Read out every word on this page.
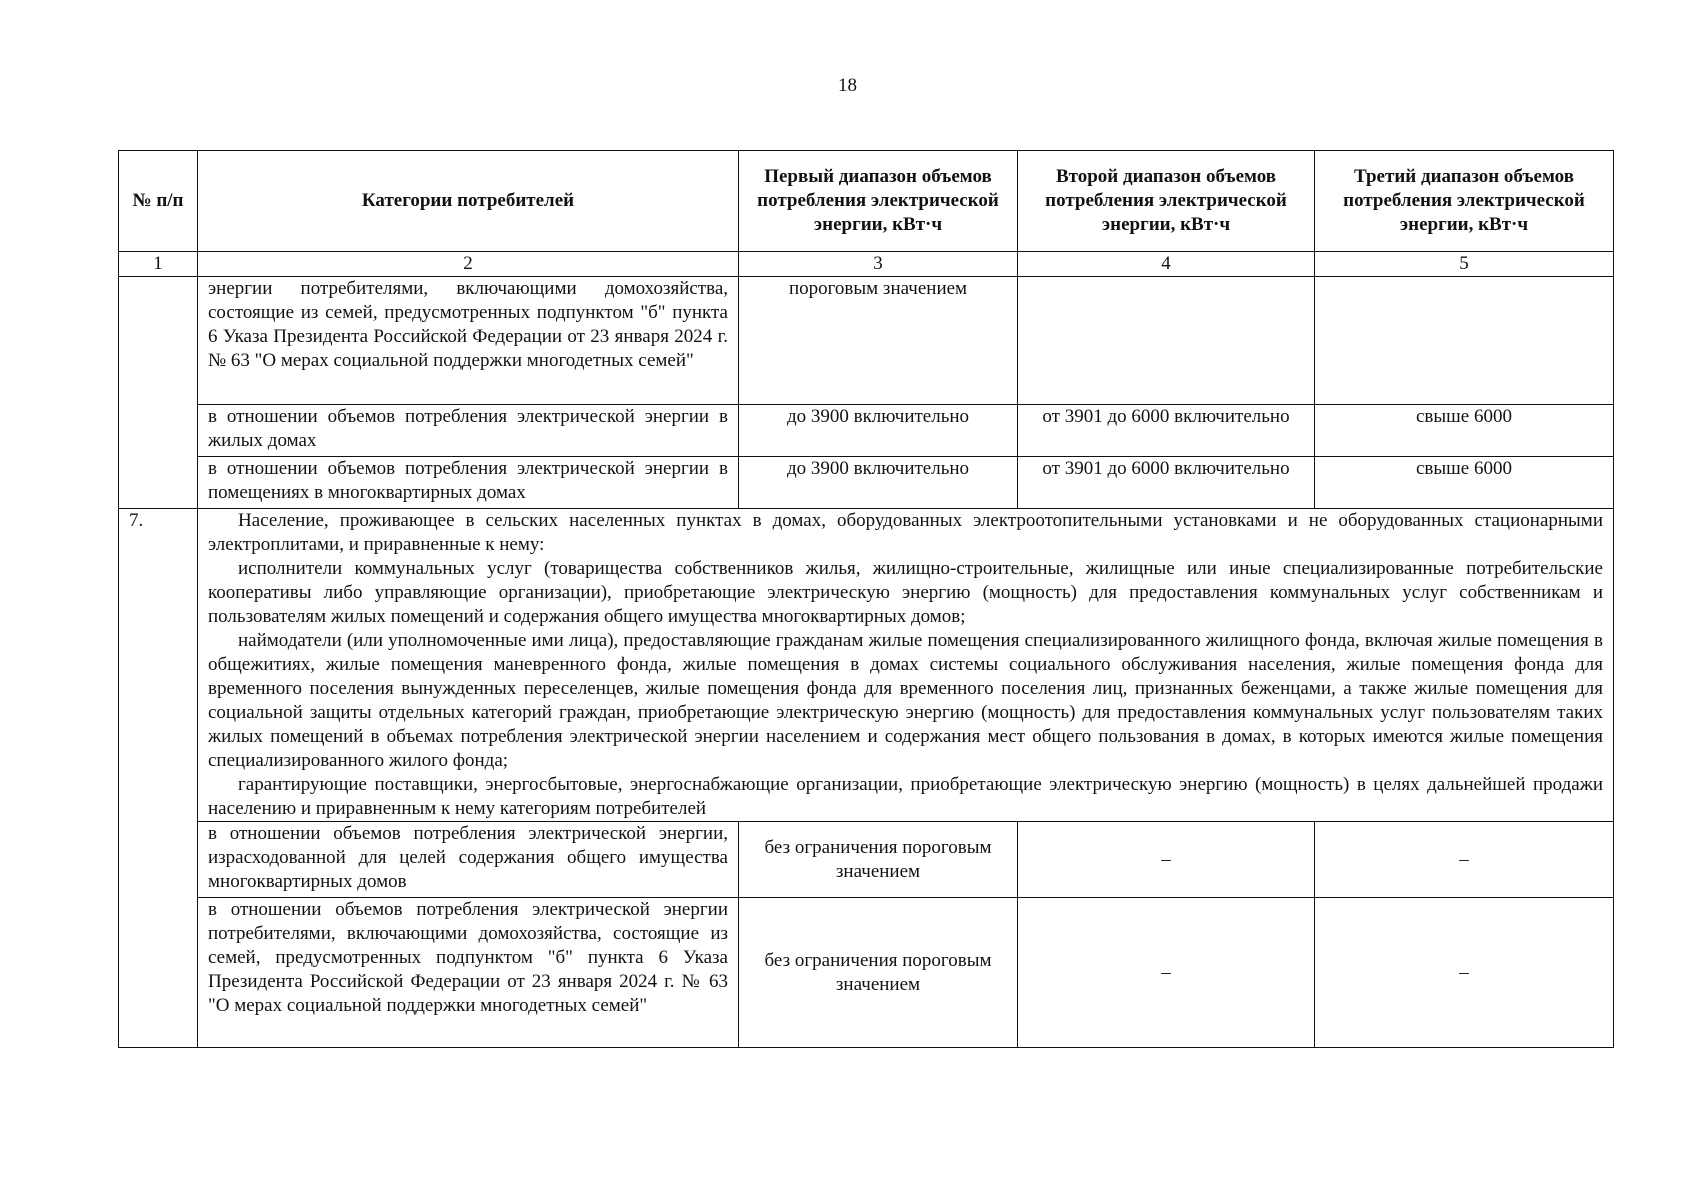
18
№ п/п	Категории потребителей	Первый диапазон объемов потребления электрической энергии, кВт·ч	Второй диапазон объемов потребления электрической энергии, кВт·ч	Третий диапазон объемов потребления электрической энергии, кВт·ч
1	2	3	4	5
	энергии потребителями, включающими домохозяйства, состоящие из семей, предусмотренных подпунктом "б" пункта 6 Указа Президента Российской Федерации от 23 января 2024 г. № 63 "О мерах социальной поддержки многодетных семей"	пороговым значением		
	в отношении объемов потребления электрической энергии в жилых домах	до 3900 включительно	от 3901 до 6000 включительно	свыше 6000
	в отношении объемов потребления электрической энергии в помещениях в многоквартирных домах	до 3900 включительно	от 3901 до 6000 включительно	свыше 6000
7.	Население, проживающее в сельских населенных пунктах в домах, оборудованных электроотопительными установками и не оборудованных стационарными электроплитами, и приравненные к нему:

исполнители коммунальных услуг (товарищества собственников жилья, жилищно-строительные, жилищные или иные специализированные потребительские кооперативы либо управляющие организации), приобретающие электрическую энергию (мощность) для предоставления коммунальных услуг собственникам и пользователям жилых помещений и содержания общего имущества многоквартирных домов;

наймодатели (или уполномоченные ими лица), предоставляющие гражданам жилые помещения специализированного жилищного фонда, включая жилые помещения в общежитиях, жилые помещения маневренного фонда, жилые помещения в домах системы социального обслуживания населения, жилые помещения фонда для временного поселения вынужденных переселенцев, жилые помещения фонда для временного поселения лиц, признанных беженцами, а также жилые помещения для социальной защиты отдельных категорий граждан, приобретающие электрическую энергию (мощность) для предоставления коммунальных услуг пользователям таких жилых помещений в объемах потребления электрической энергии населением и содержания мест общего пользования в домах, в которых имеются жилые помещения специализированного жилого фонда;

гарантирующие поставщики, энергосбытовые, энергоснабжающие организации, приобретающие электрическую энергию (мощность) в целях дальнейшей продажи населению и приравненным к нему категориям потребителей			

	в отношении объемов потребления электрической энергии, израсходованной для целей содержания общего имущества многоквартирных домов	без ограничения пороговым значением	–	–
	в отношении объемов потребления электрической энергии потребителями, включающими домохозяйства, состоящие из семей, предусмотренных подпунктом "б" пункта 6 Указа Президента Российской Федерации от 23 января 2024 г. № 63 "О мерах социальной поддержки многодетных семей"	без ограничения пороговым значением	–	–
